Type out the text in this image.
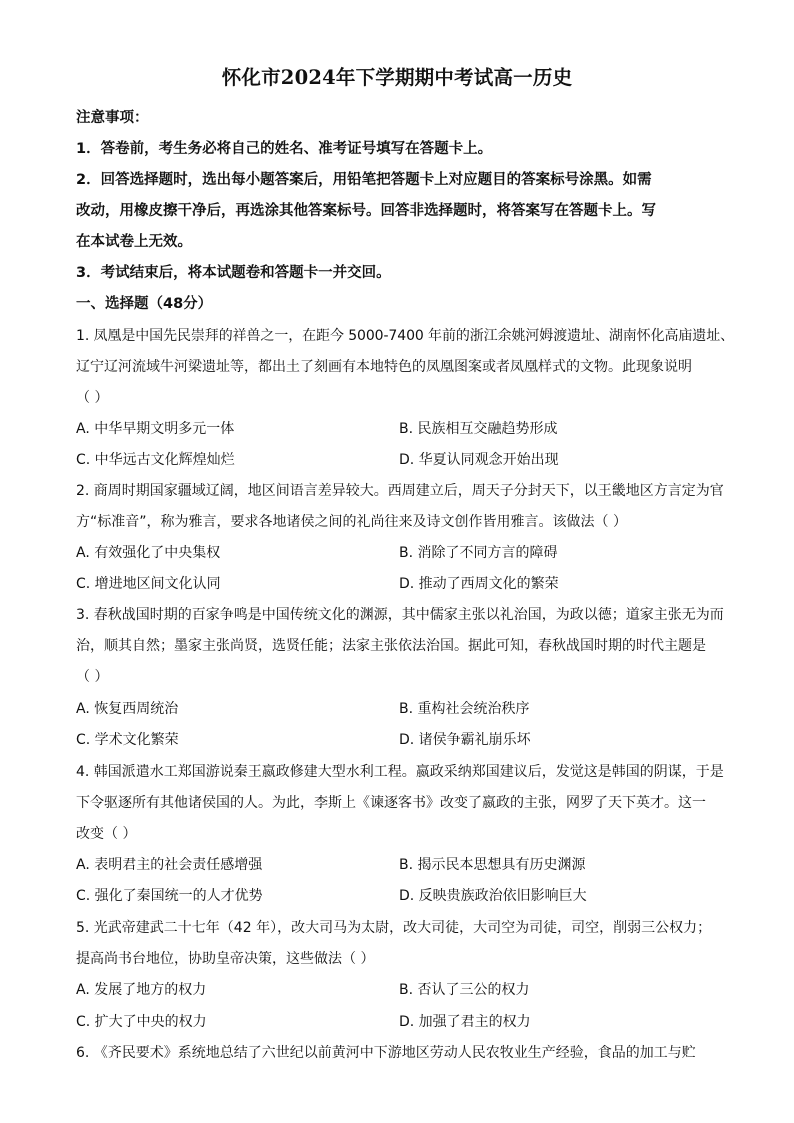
怀化市2024年下学期期中考试高一历史
注意事项：
1．答卷前，考生务必将自己的姓名、准考证号填写在答题卡上。
2．回答选择题时，选出每小题答案后，用铅笔把答题卡上对应题目的答案标号涂黑。如需
改动，用橡皮擦干净后，再选涂其他答案标号。回答非选择题时，将答案写在答题卡上。写
在本试卷上无效。
3．考试结束后，将本试题卷和答题卡一并交回。
一、选择题（48分）
1. 凤凰是中国先民崇拜的祥兽之一，在距今 5000-7400 年前的浙江余姚河姆渡遗址、湖南怀化高庙遗址、
辽宁辽河流域牛河梁遗址等，都出土了刻画有本地特色的凤凰图案或者凤凰样式的文物。此现象说明
（ ）
A. 中华早期文明多元一体	B. 民族相互交融趋势形成
C. 中华远古文化辉煌灿烂	D. 华夏认同观念开始出现
2. 商周时期国家疆域辽阔，地区间语言差异较大。西周建立后，周天子分封天下，以王畿地区方言定为官
方“标准音”，称为雅言，要求各地诸侯之间的礼尚往来及诗文创作皆用雅言。该做法（ ）
A. 有效强化了中央集权	B. 消除了不同方言的障碍
C. 增进地区间文化认同	D. 推动了西周文化的繁荣
3. 春秋战国时期的百家争鸣是中国传统文化的渊源，其中儒家主张以礼治国，为政以德；道家主张无为而
治，顺其自然；墨家主张尚贤，选贤任能；法家主张依法治国。据此可知，春秋战国时期的时代主题是
（ ）
A. 恢复西周统治	B. 重构社会统治秩序
C. 学术文化繁荣	D. 诸侯争霸礼崩乐坏
4. 韩国派遣水工郑国游说秦王嬴政修建大型水利工程。嬴政采纳郑国建议后，发觉这是韩国的阴谋，于是
下令驱逐所有其他诸侯国的人。为此，李斯上《谏逐客书》改变了嬴政的主张，网罗了天下英才。这一
改变（ ）
A. 表明君主的社会责任感增强	B. 揭示民本思想具有历史渊源
C. 强化了秦国统一的人才优势	D. 反映贵族政治依旧影响巨大
5. 光武帝建武二十七年（42 年），改大司马为太尉，改大司徒，大司空为司徒，司空，削弱三公权力；
提高尚书台地位，协助皇帝决策，这些做法（ ）
A. 发展了地方的权力	B. 否认了三公的权力
C. 扩大了中央的权力	D. 加强了君主的权力
6. 《齐民要术》系统地总结了六世纪以前黄河中下游地区劳动人民农牧业生产经验，食品的加工与贮
